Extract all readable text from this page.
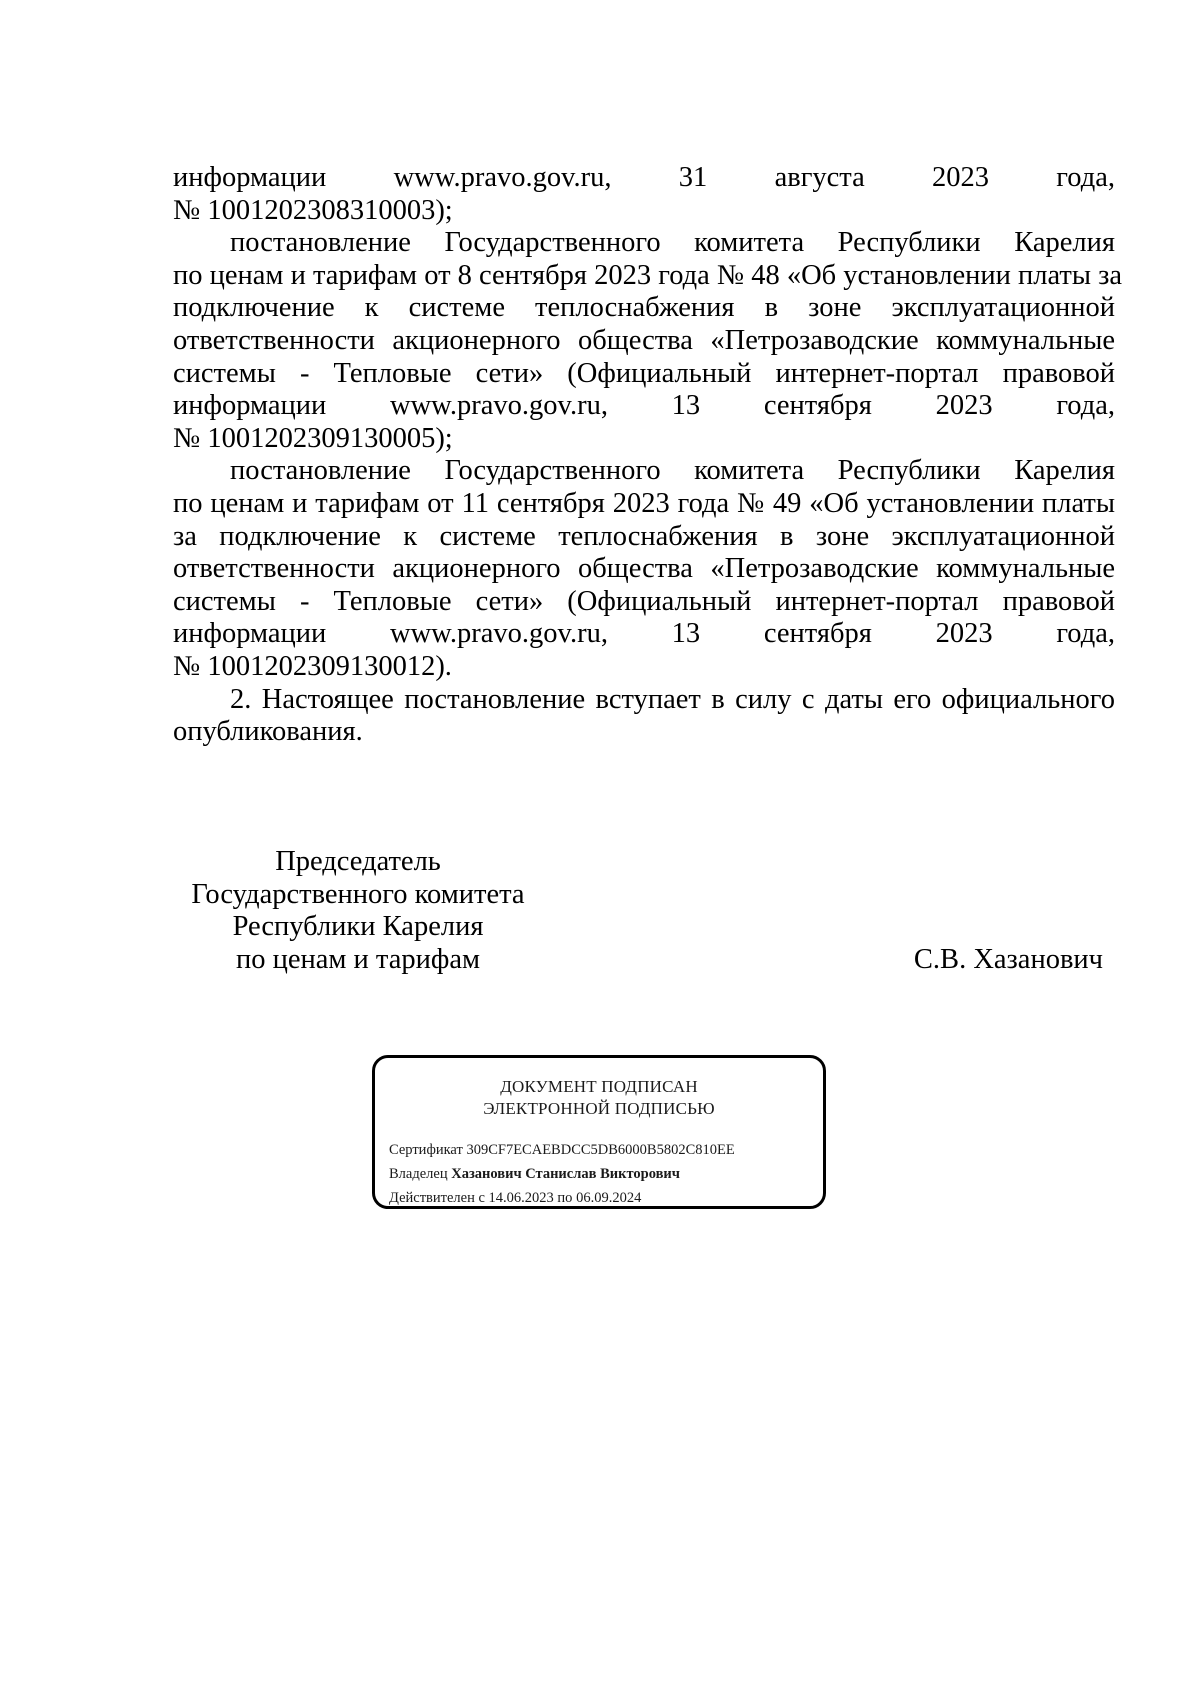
информации www.pravo.gov.ru, 31 августа 2023 года,
№ 1001202308310003);

постановление Государственного комитета Республики Карелия
по ценам и тарифам от 8 сентября 2023 года № 48 «Об установлении платы за
подключение к системе теплоснабжения в зоне эксплуатационной
ответственности акционерного общества «Петрозаводские коммунальные
системы - Тепловые сети» (Официальный интернет-портал правовой
информации www.pravo.gov.ru, 13 сентября 2023 года,
№ 1001202309130005);

постановление Государственного комитета Республики Карелия
по ценам и тарифам от 11 сентября 2023 года № 49 «Об установлении платы
за подключение к системе теплоснабжения в зоне эксплуатационной
ответственности акционерного общества «Петрозаводские коммунальные
системы - Тепловые сети» (Официальный интернет-портал правовой
информации www.pravo.gov.ru, 13 сентября 2023 года,
№ 1001202309130012).

2. Настоящее постановление вступает в силу с даты его официального
опубликования.

Председатель
Государственного комитета
Республики Карелия
по ценам и тарифам	С.В. Хазанович
ДОКУМЕНТ ПОДПИСАН
ЭЛЕКТРОННОЙ ПОДПИСЬЮ
Сертификат 309CF7ECAEBDCC5DB6000B5802C810EE
Владелец Хазанович Станислав Викторович
Действителен с 14.06.2023 по 06.09.2024
